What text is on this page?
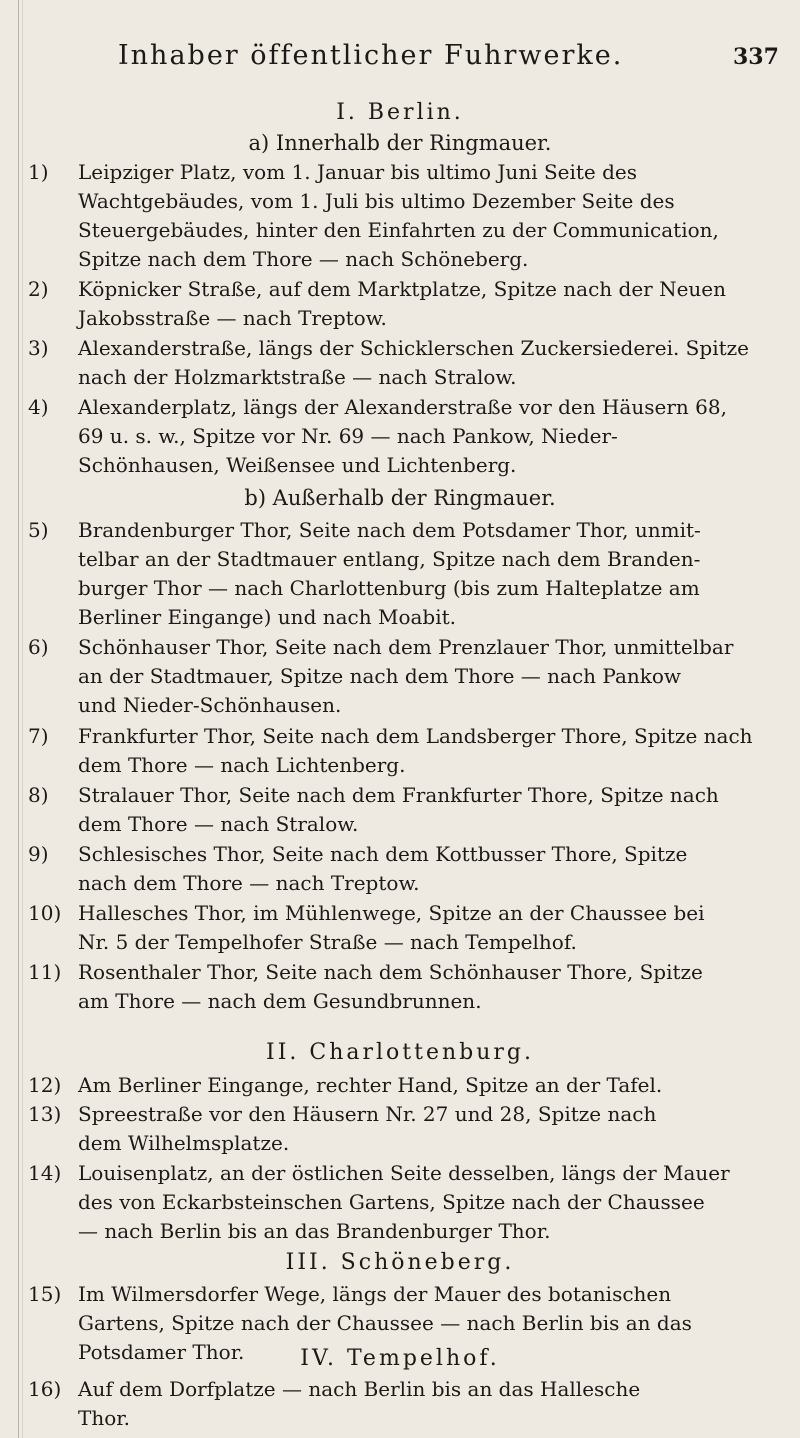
Inhaber öffentlicher Fuhrwerke.	337
I. Berlin.
a) Innerhalb der Ringmauer.
1) Leipziger Platz, vom 1. Januar bis ultimo Juni Seite des
Wachtgebäudes, vom 1. Juli bis ultimo Dezember Seite des
Steuergebäudes, hinter den Einfahrten zu der Communication,
Spitze nach dem Thore — nach Schöneberg.
2) Köpnicker Straße, auf dem Marktplatze, Spitze nach der Neuen
Jakobsstraße — nach Treptow.
3) Alexanderstraße, längs der Schicklerschen Zuckersiederei. Spitze
nach der Holzmarktstraße — nach Stralow.
4) Alexanderplatz, längs der Alexanderstraße vor den Häusern 68,
69 u. s. w., Spitze vor Nr. 69 — nach Pankow, Nieder-
Schönhausen, Weißensee und Lichtenberg.
b) Außerhalb der Ringmauer.
5) Brandenburger Thor, Seite nach dem Potsdamer Thor, unmit-
telbar an der Stadtmauer entlang, Spitze nach dem Branden-
burger Thor — nach Charlottenburg (bis zum Halteplatze am
Berliner Eingange) und nach Moabit.
6) Schönhauser Thor, Seite nach dem Prenzlauer Thor, unmittelbar
an der Stadtmauer, Spitze nach dem Thore — nach Pankow
und Nieder-Schönhausen.
7) Frankfurter Thor, Seite nach dem Landsberger Thore, Spitze nach
dem Thore — nach Lichtenberg.
8) Stralauer Thor, Seite nach dem Frankfurter Thore, Spitze nach
dem Thore — nach Stralow.
9) Schlesisches Thor, Seite nach dem Kottbusser Thore, Spitze
nach dem Thore — nach Treptow.
10) Hallesches Thor, im Mühlenwege, Spitze an der Chaussee bei
Nr. 5 der Tempelhofer Straße — nach Tempelhof.
11) Rosenthaler Thor, Seite nach dem Schönhauser Thore, Spitze
am Thore — nach dem Gesundbrunnen.
II. Charlottenburg.
12) Am Berliner Eingange, rechter Hand, Spitze an der Tafel.
13) Spreestraße vor den Häusern Nr. 27 und 28, Spitze nach
dem Wilhelmsplatze.
14) Louisenplatz, an der östlichen Seite desselben, längs der Mauer
des von Eckarbsteinschen Gartens, Spitze nach der Chaussee
— nach Berlin bis an das Brandenburger Thor.
III. Schöneberg.
15) Im Wilmersdorfer Wege, längs der Mauer des botanischen
Gartens, Spitze nach der Chaussee — nach Berlin bis an das
Potsdamer Thor.	IV. Tempelhof.
16) Auf dem Dorfplatze — nach Berlin bis an das Hallesche
Thor.
